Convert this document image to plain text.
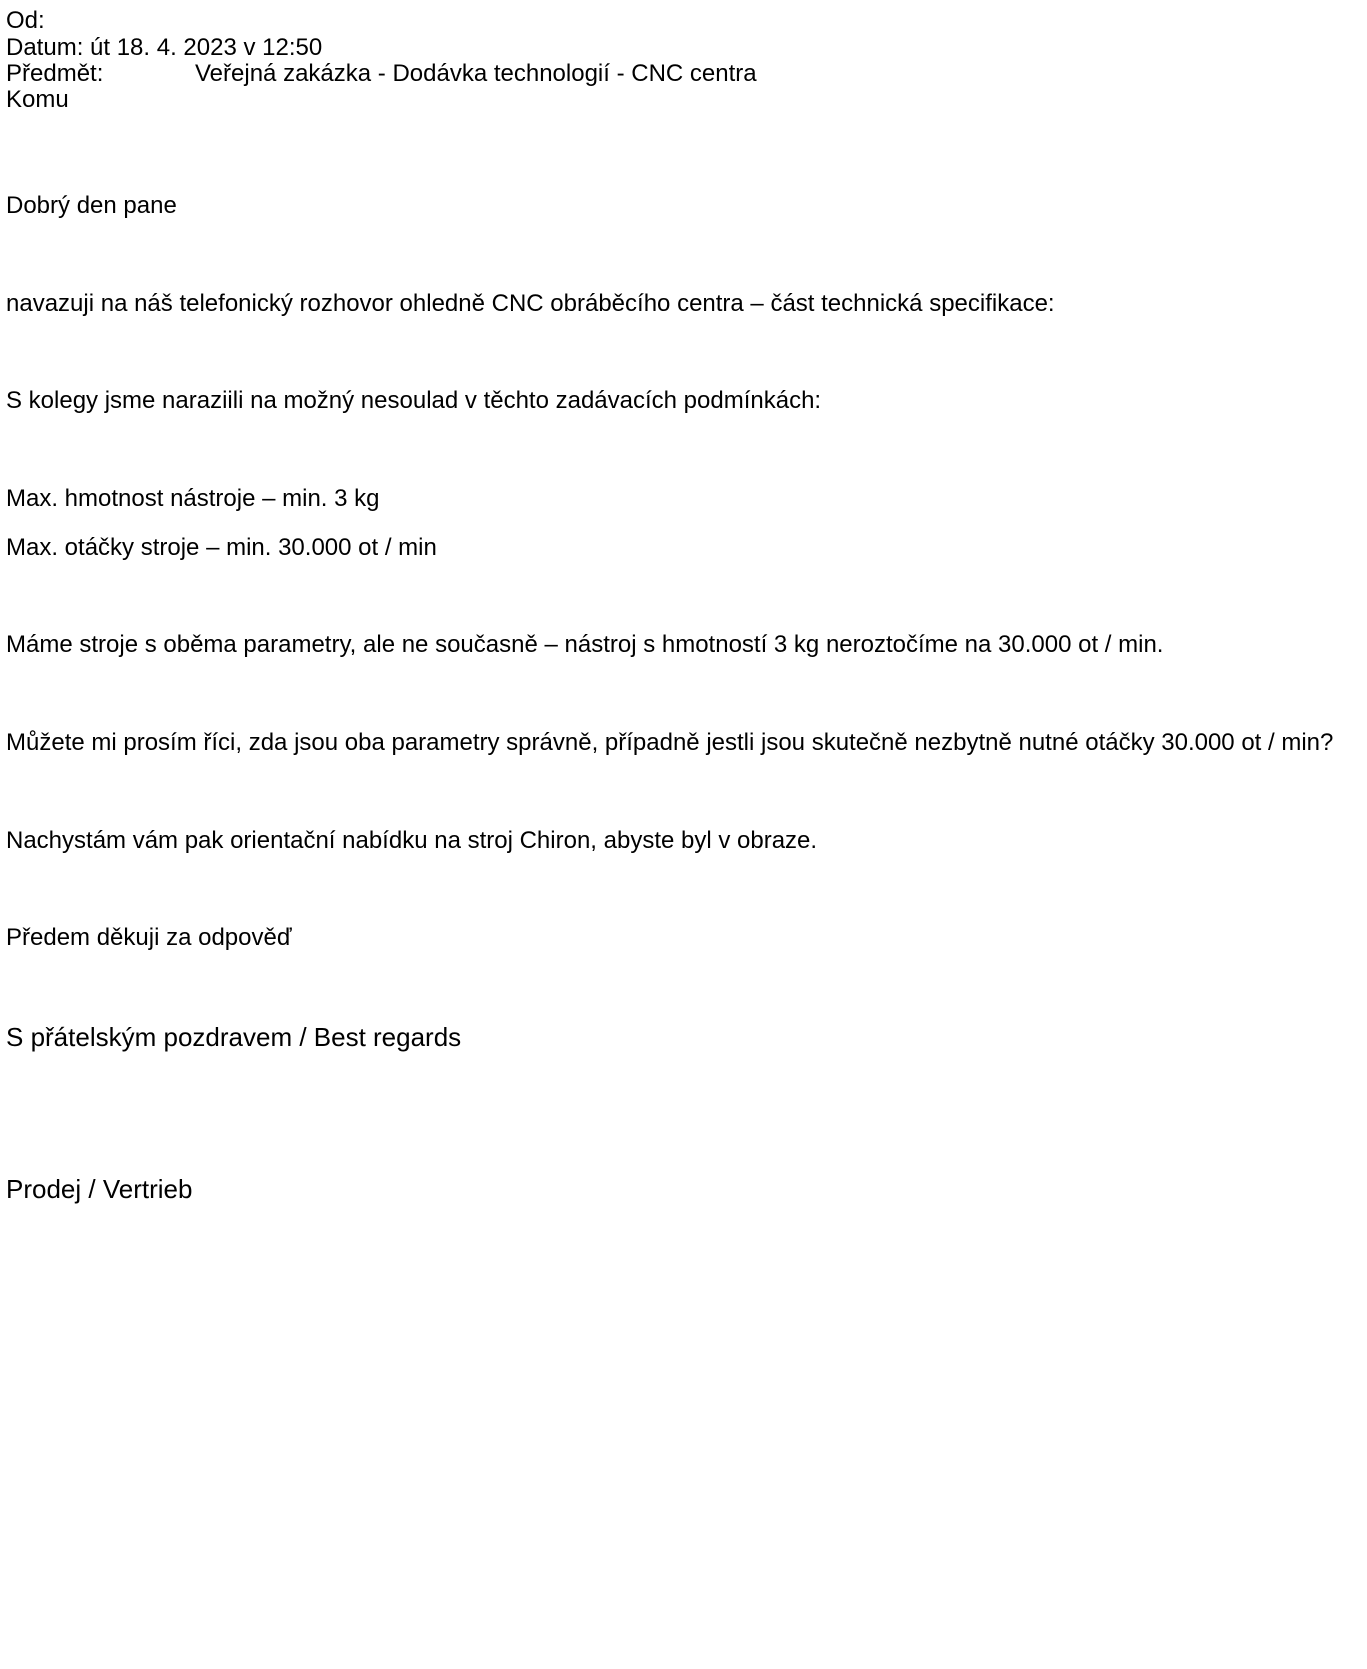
Od:
Datum: út 18. 4. 2023 v 12:50
Předmět:	Veřejná zakázka - Dodávka technologií - CNC centra
Komu
Dobrý den pane
navazuji na náš telefonický rozhovor ohledně CNC obráběcího centra – část technická specifikace:
S kolegy jsme naraziili na možný nesoulad v těchto zadávacích podmínkách:
Max. hmotnost nástroje – min. 3 kg
Max. otáčky stroje – min. 30.000 ot / min
Máme stroje s oběma parametry, ale ne současně – nástroj s hmotností 3 kg neroztočíme na 30.000 ot / min.
Můžete mi prosím říci, zda jsou oba parametry správně, případně jestli jsou skutečně nezbytně nutné otáčky 30.000 ot / min?
Nachystám vám pak orientační nabídku na stroj Chiron, abyste byl v obraze.
Předem děkuji za odpověď
S přátelským pozdravem / Best regards
Prodej / Vertrieb
